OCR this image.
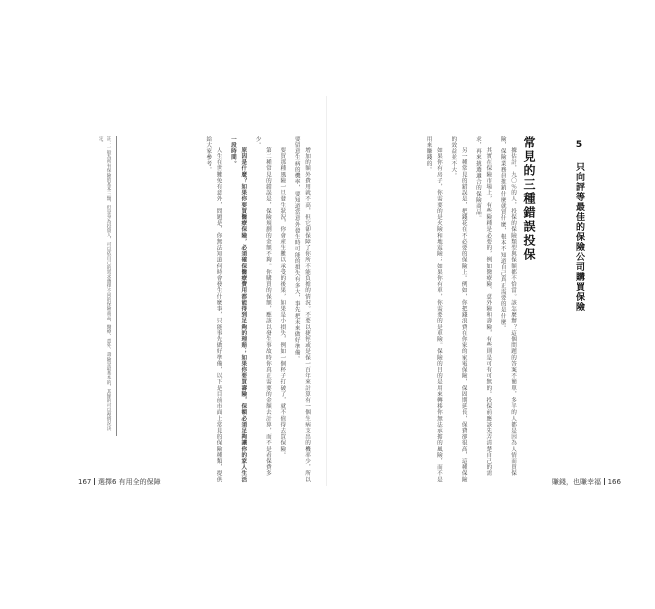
增加的額外費用就不高，但它卻保障了你所不能負擔的情況。不要以捷徑或是保一百年來計算有一個生病支出的機率少，所以要留意生病的機率，要知道當意外發生時可能的損失有多大，事先把未來做好準備。

要買那種風險一旦發生狀況，你會產生難以承受的後果，如果是小損失，例如一個杯子打破了，就不值得去買保險。

第二種常見的錯誤是，保險規劃的金額不夠。你購買的保額，應該以發生事故時你真正需要的金額去計算，而不是看保費多少。

原因是什麼？如果你要買醫療保險，必須確保醫療費用都能得到足夠的理賠；如果你要買壽險，保額必須足夠讓你的家人生活一段時間。

人生在世難免有意外，問題是，你無法知道何時會發生什麼事，只能事先做好準備，以下是目前市面上常見的保險種類，提供給大家參考。

註：一般為所有保險的基本三類，但是身為投資人，可以依自己的需求選擇不同的保險商品，醫療、意外、壽險是最基本的，其餘的可以視情況決定。	5 只向評等最佳的保險公司購買保險
常見的三種錯誤投保

據估計，九〇％的人，投保的保險類型與保額都不恰當。該怎麼辦？這個問題的答案不簡單，多半的人都是因為人情而買保險，保險業務員推銷什麼就買什麼，根本不知道自己真正需要的是什麼。

其實在保險市場上，有些險種是必要的，例如醫療險、意外險和壽險，有些則是可有可無的。投保前應該先弄清楚自己的需求，再來挑選適合的保險商品。

另一種常見的錯誤是，把錢花在不必要的保險上。例如，你把錢浪費在你家的家電保險，保固期延長，保費卻很高，這種保險的效益並不大。

如果你有房子，你需要的是火險和地震險；如果你有車，你需要的是車險。保險的目的是用來轉移你無法承擔的風險，而不是用來賺錢的。

167 選擇6 有用全的保障	賺錢，也賺幸福 166
